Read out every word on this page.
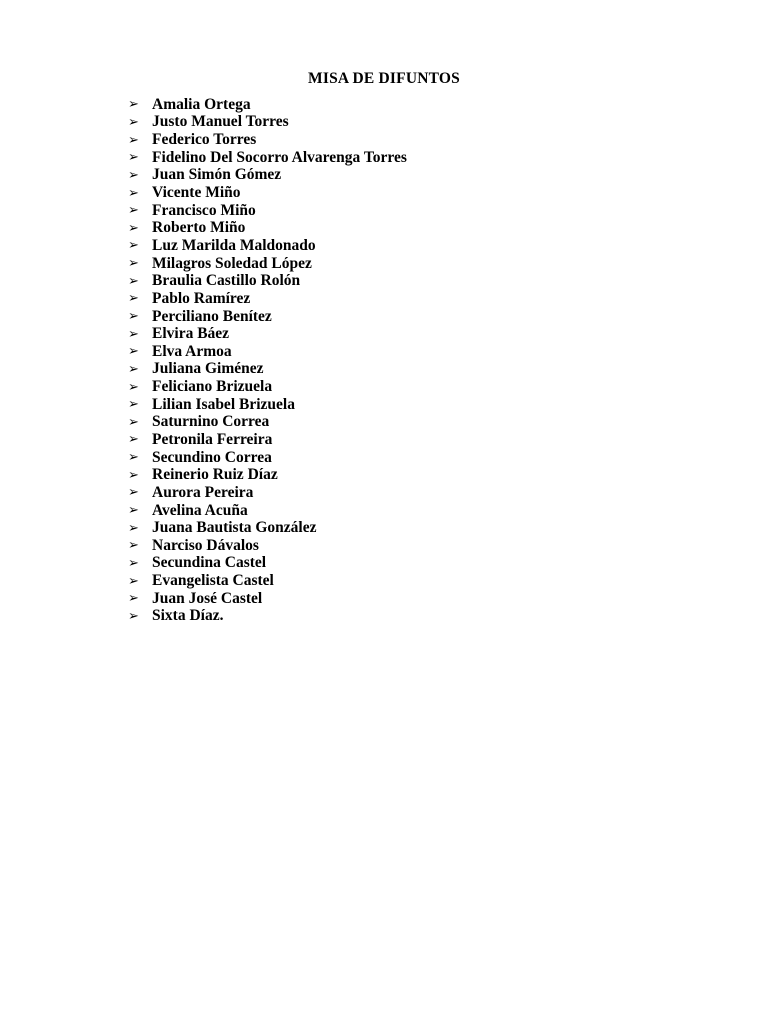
MISA DE DIFUNTOS
➢ Amalia Ortega
➢ Justo Manuel Torres
➢ Federico Torres
➢ Fidelino Del Socorro Alvarenga Torres
➢ Juan Simón Gómez
➢ Vicente Miño
➢ Francisco Miño
➢ Roberto Miño
➢ Luz Marilda Maldonado
➢ Milagros Soledad López
➢ Braulia Castillo Rolón
➢ Pablo Ramírez
➢ Perciliano Benítez
➢ Elvira Báez
➢ Elva Armoa
➢ Juliana Giménez
➢ Feliciano Brizuela
➢ Lilian Isabel Brizuela
➢ Saturnino Correa
➢ Petronila Ferreira
➢ Secundino Correa
➢ Reinerio Ruiz Díaz
➢ Aurora Pereira
➢ Avelina Acuña
➢ Juana Bautista González
➢ Narciso Dávalos
➢ Secundina Castel
➢ Evangelista Castel
➢ Juan José Castel
➢ Sixta Díaz.
